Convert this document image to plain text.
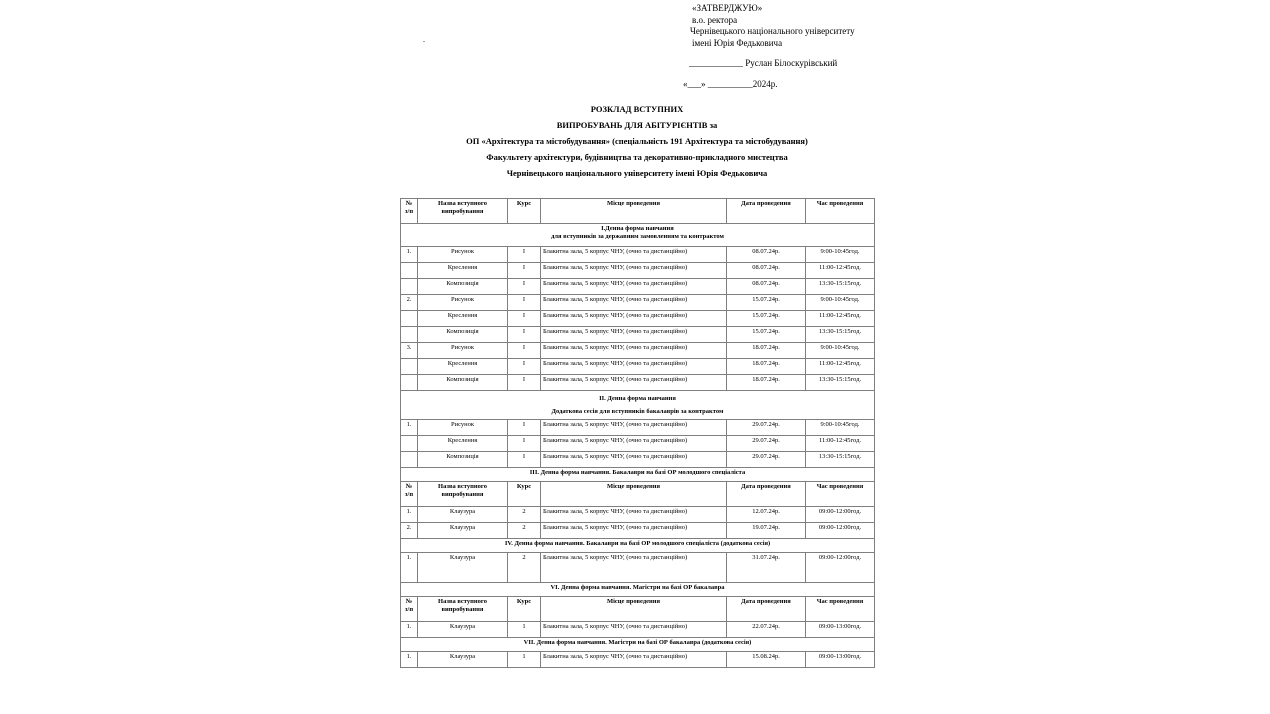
«ЗАТВЕРДЖУЮ»
в.о. ректора
Чернівецького національного університету
імені Юрія Федьковича
____________ Руслан Білоскурівський
«___» __________2024р.
.
РОЗКЛАД ВСТУПНИХ
ВИПРОБУВАНЬ ДЛЯ АБІТУРІЄНТІВ за
ОП «Архітектура та містобудування» (спеціальність 191 Архітектура та містобудування)
Факультету архітектури, будівництва та декоративно-прикладного мистецтва
Чернівецького національного університету імені Юрія Федьковича
№ з/п	Назва вступного випробування	Курс	Місце проведення	Дата проведення	Час проведення

І.Денна форма навчання
для вступників за державним замовленням та контрактом					

1.	Рисунок	І	Блакитна зала, 5 корпус ЧНУ, (очно та дистанційно)	08.07.24р.	9:00-10:45год.
	Креслення	І	Блакитна зала, 5 корпус ЧНУ, (очно та дистанційно)	08.07.24р.	11:00-12:45год.
	Композиція	І	Блакитна зала, 5 корпус ЧНУ, (очно та дистанційно)	08.07.24р.	13:30-15:15год.
2.	Рисунок	І	Блакитна зала, 5 корпус ЧНУ, (очно та дистанційно)	15.07.24р.	9:00-10:45год.
	Креслення	І	Блакитна зала, 5 корпус ЧНУ, (очно та дистанційно)	15.07.24р.	11:00-12:45год.
	Композиція	І	Блакитна зала, 5 корпус ЧНУ, (очно та дистанційно)	15.07.24р.	13:30-15:15год.
3.	Рисунок	І	Блакитна зала, 5 корпус ЧНУ, (очно та дистанційно)	18.07.24р.	9:00-10:45год.
	Креслення	І	Блакитна зала, 5 корпус ЧНУ, (очно та дистанційно)	18.07.24р.	11:00-12:45год.
	Композиція	І	Блакитна зала, 5 корпус ЧНУ, (очно та дистанційно)	18.07.24р.	13:30-15:15год.

ІІ. Денна форма навчання
Додаткова сесія для вступників бакалаврів за контрактом					

1.	Рисунок	І	Блакитна зала, 5 корпус ЧНУ, (очно та дистанційно)	29.07.24р.	9:00-10:45год.
	Креслення	І	Блакитна зала, 5 корпус ЧНУ, (очно та дистанційно)	29.07.24р.	11:00-12:45год.
	Композиція	І	Блакитна зала, 5 корпус ЧНУ, (очно та дистанційно)	29.07.24р.	13:30-15:15год.
ІІІ. Денна форма навчання. Бакалаври на базі ОР молодшого спеціаліста					
№ з/п	Назва вступного випробування	Курс	Місце проведення	Дата проведення	Час проведення
1.	Клаузура	2	Блакитна зала, 5 корпус ЧНУ, (очно та дистанційно)	12.07.24р.	09:00-12:00год.
2.	Клаузура	2	Блакитна зала, 5 корпус ЧНУ, (очно та дистанційно)	19.07.24р.	09:00-12:00год.
IV. Денна форма навчання. Бакалаври на базі ОР молодшого спеціаліста (додаткова сесія)					
1.	Клаузура	2	Блакитна зала, 5 корпус ЧНУ, (очно та дистанційно)	31.07.24р.	09:00-12:00год.
VІ. Денна форма навчання. Магістри на базі ОР бакалавра					
№ з/п	Назва вступного випробування	Курс	Місце проведення	Дата проведення	Час проведення
1.	Клаузура	1	Блакитна зала, 5 корпус ЧНУ, (очно та дистанційно)	22.07.24р.	09:00-13:00год.
VІІ. Денна форма навчання. Магістри на базі ОР бакалавра (додаткова сесія)					
1.	Клаузура	1	Блакитна зала, 5 корпус ЧНУ, (очно та дистанційно)	15.08.24р.	09:00-13:00год.
